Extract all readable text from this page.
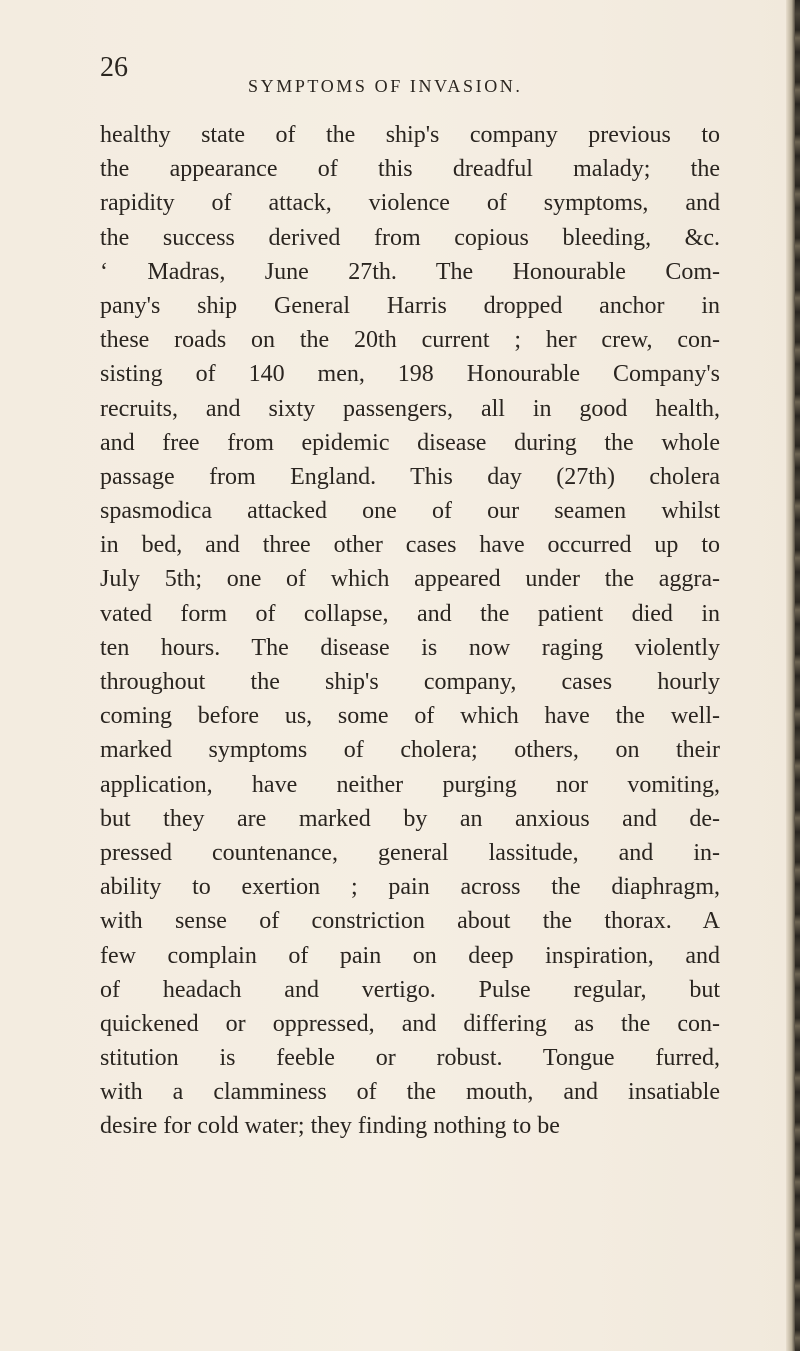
26
SYMPTOMS OF INVASION.
healthy state of the ship's company previous to
the appearance of this dreadful malady; the
rapidity of attack, violence of symptoms, and
the success derived from copious bleeding, &c.
‘ Madras, June 27th. The Honourable Com-
pany's ship General Harris dropped anchor in
these roads on the 20th current ; her crew, con-
sisting of 140 men, 198 Honourable Company's
recruits, and sixty passengers, all in good health,
and free from epidemic disease during the whole
passage from England. This day (27th) cholera
spasmodica attacked one of our seamen whilst
in bed, and three other cases have occurred up to
July 5th; one of which appeared under the aggra-
vated form of collapse, and the patient died in
ten hours. The disease is now raging violently
throughout the ship's company, cases hourly
coming before us, some of which have the well-
marked symptoms of cholera; others, on their
application, have neither purging nor vomiting,
but they are marked by an anxious and de-
pressed countenance, general lassitude, and in-
ability to exertion ; pain across the diaphragm,
with sense of constriction about the thorax. A
few complain of pain on deep inspiration, and
of headach and vertigo. Pulse regular, but
quickened or oppressed, and differing as the con-
stitution is feeble or robust. Tongue furred,
with a clamminess of the mouth, and insatiable
desire for cold water; they finding nothing to be
